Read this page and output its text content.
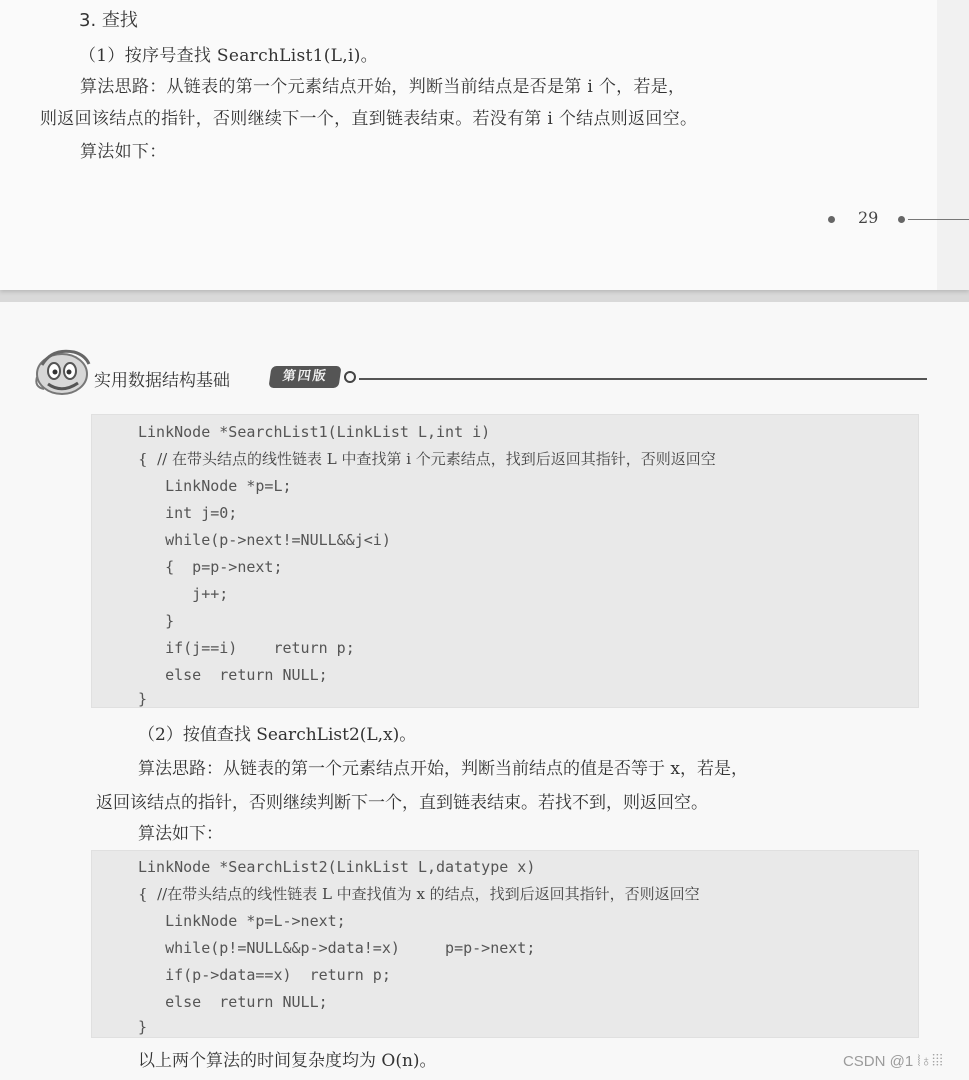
3. 查找
（1）按序号查找 SearchList1(L,i)。
算法思路：从链表的第一个元素结点开始，判断当前结点是否是第 i 个，若是，
则返回该结点的指针，否则继续下一个，直到链表结束。若没有第 i 个结点则返回空。
算法如下：
29
实用数据结构基础	第四版
LinkNode *SearchList1(LinkList L,int i)
{  // 在带头结点的线性链表 L 中查找第 i 个元素结点，找到后返回其指针，否则返回空
LinkNode *p=L;
int j=0;
while(p->next!=NULL&&j<i)
{  p=p->next;
j++;
}
if(j==i)    return p;
else  return NULL;
}
（2）按值查找 SearchList2(L,x)。
算法思路：从链表的第一个元素结点开始，判断当前结点的值是否等于 x，若是，
返回该结点的指针，否则继续判断下一个，直到链表结束。若找不到，则返回空。
算法如下：
LinkNode *SearchList2(LinkList L,datatype x)
{  //在带头结点的线性链表 L 中查找值为 x 的结点，找到后返回其指针，否则返回空
LinkNode *p=L->next;
while(p!=NULL&&p->data!=x)     p=p->next;
if(p->data==x)  return p;
else  return NULL;
}
以上两个算法的时间复杂度均为 O(n)。	CSDN @1 ⦚♁⦙⦙⦙
